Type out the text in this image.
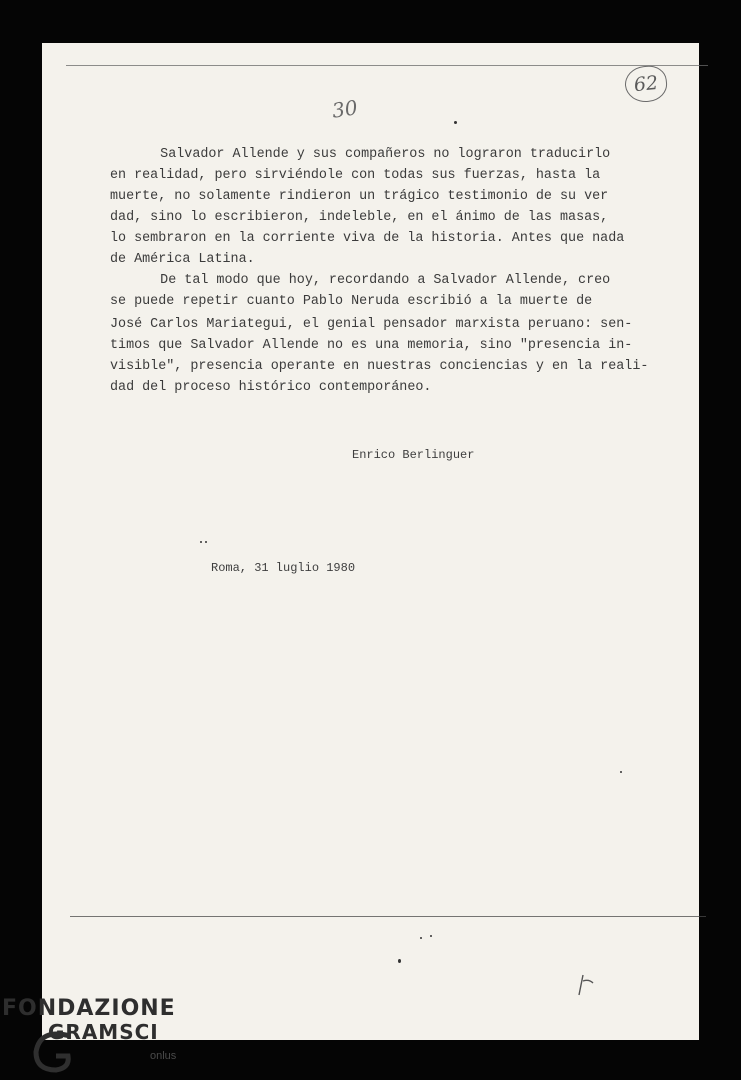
62
30
Salvador Allende y sus compañeros no lograron traducirlo
en realidad, pero sirviéndole con todas sus fuerzas, hasta la
muerte, no solamente rindieron un trágico testimonio de su ver
dad, sino lo escribieron, indeleble, en el ánimo de las masas,
lo sembraron en la corriente viva de la historia. Antes que nada
de América Latina.
De tal modo que hoy, recordando a Salvador Allende, creo
se puede repetir cuanto Pablo Neruda escribió a la muerte de
José Carlos Mariategui, el genial pensador marxista peruano: sen-
timos que Salvador Allende no es una memoria, sino "presencia in-
visible", presencia operante en nuestras conciencias y en la reali-
dad del proceso histórico contemporáneo.
Enrico Berlinguer
Roma, 31 luglio 1980
FONDAZIONE
GRAMSCI
onlus
